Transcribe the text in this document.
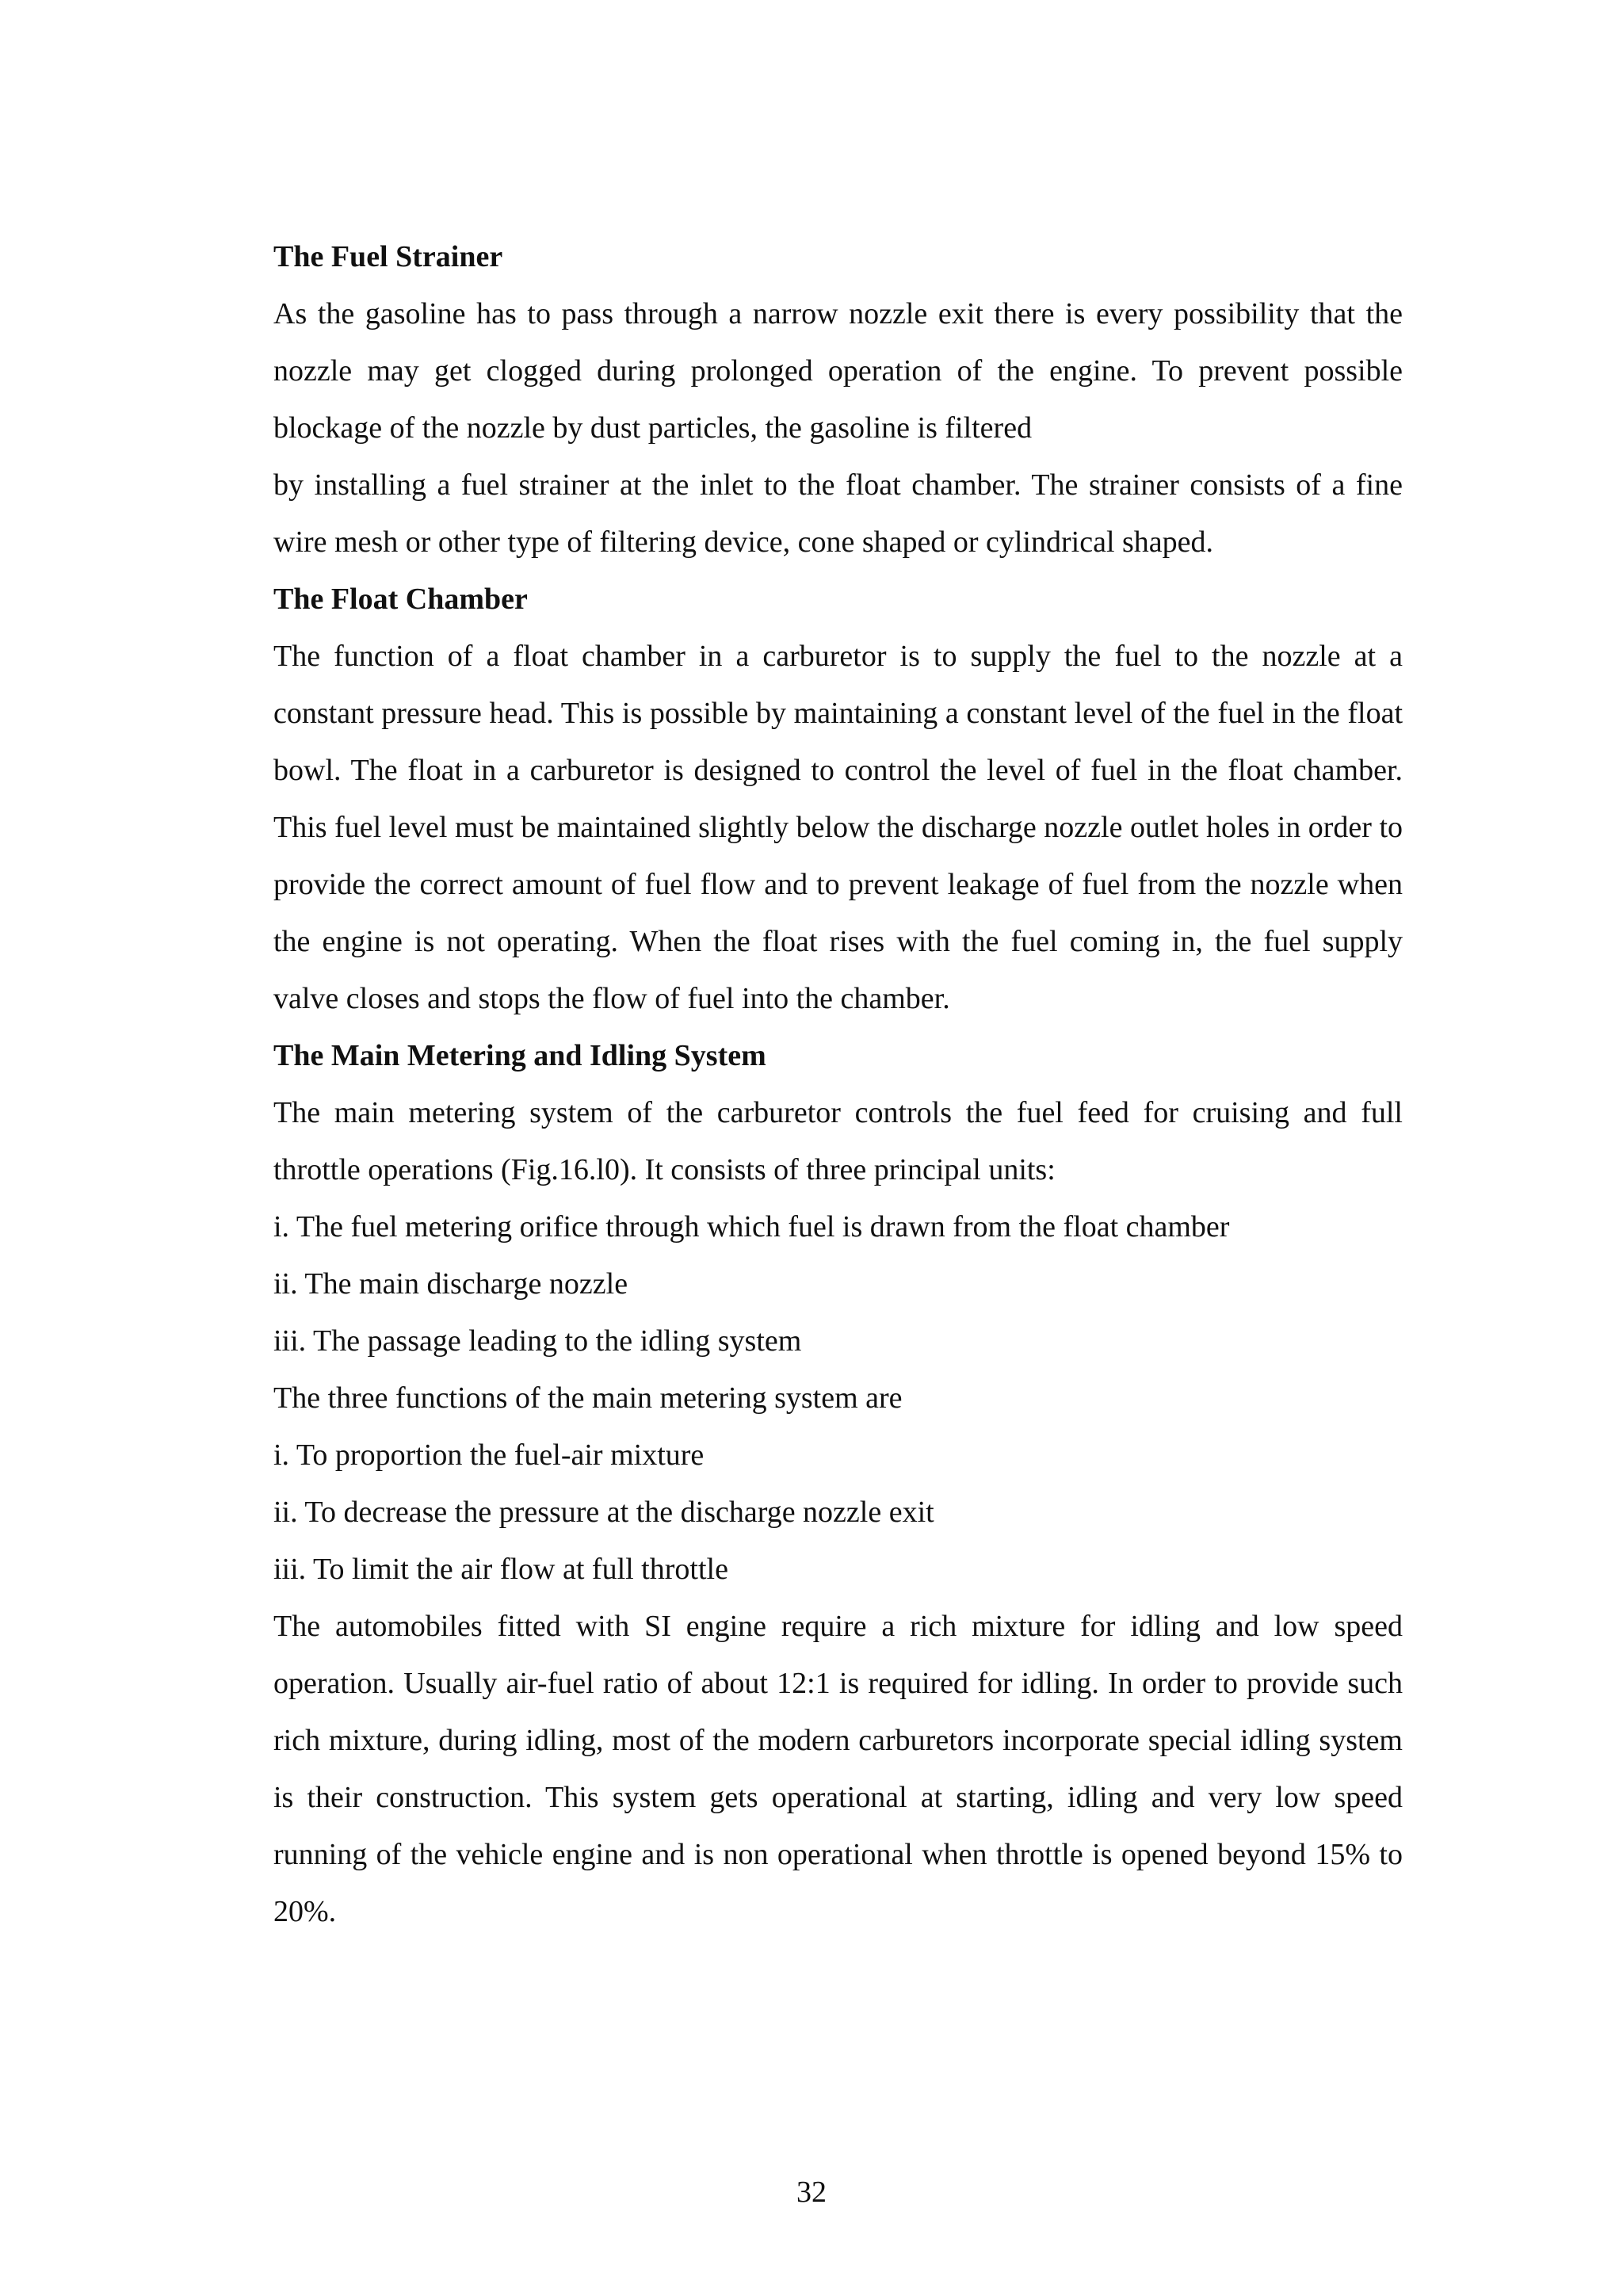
The Fuel Strainer

As the gasoline has to pass through a narrow nozzle exit there is every possibility that the nozzle may get clogged during prolonged operation of the engine. To prevent possible blockage of the nozzle by dust particles, the gasoline is filtered

by installing a fuel strainer at the inlet to the float chamber. The strainer consists of a fine wire mesh or other type of filtering device, cone shaped or cylindrical shaped.

The Float Chamber

The function of a float chamber in a carburetor is to supply the fuel to the nozzle at a constant pressure head. This is possible by maintaining a constant level of the fuel in the float bowl. The float in a carburetor is designed to control the level of fuel in the float chamber. This fuel level must be maintained slightly below the discharge nozzle outlet holes in order to provide the correct amount of fuel flow and to prevent leakage of fuel from the nozzle when the engine is not operating. When the float rises with the fuel coming in, the fuel supply valve closes and stops the flow of fuel into the chamber.

The Main Metering and Idling System

The main metering system of the carburetor controls the fuel feed for cruising and full throttle operations (Fig.16.l0). It consists of three principal units:

i. The fuel metering orifice through which fuel is drawn from the float chamber

ii. The main discharge nozzle

iii. The passage leading to the idling system

The three functions of the main metering system are

i. To proportion the fuel-air mixture

ii. To decrease the pressure at the discharge nozzle exit

iii. To limit the air flow at full throttle

The automobiles fitted with SI engine require a rich mixture for idling and low speed operation. Usually air-fuel ratio of about 12:1 is required for idling. In order to provide such rich mixture, during idling, most of the modern carburetors incorporate special idling system is their construction. This system gets operational at starting, idling and very low speed running of the vehicle engine and is non operational when throttle is opened beyond 15% to 20%.

32
